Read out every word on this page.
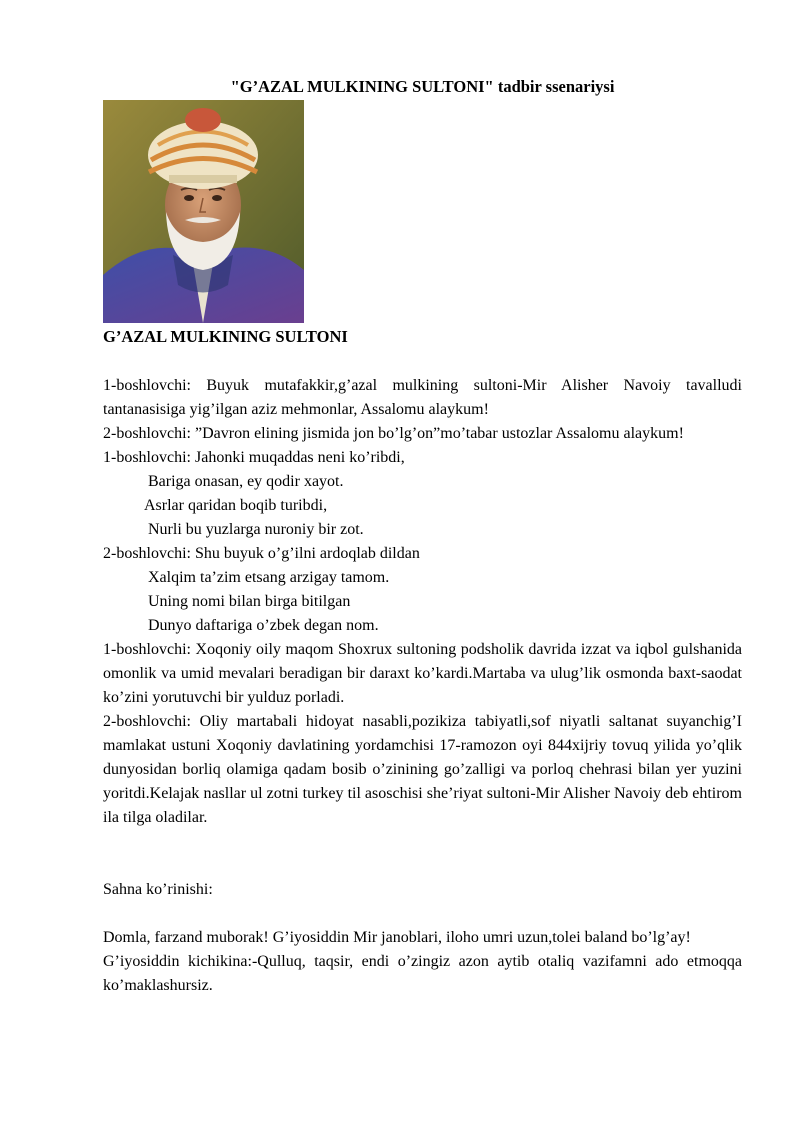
"G’AZAL MULKINING SULTONI" tadbir ssenariysi
G’AZAL MULKINING SULTONI

1-boshlovchi: Buyuk mutafakkir,g’azal mulkining sultoni-Mir Alisher Navoiy tavalludi tantanasisiga yig’ilgan aziz mehmonlar, Assalomu alaykum!

2-boshlovchi: ”Davron elining jismida jon bo’lg’on”mo’tabar ustozlar Assalomu alaykum!

1-boshlovchi: Jahonki muqaddas neni ko’ribdi,

Bariga onasan, ey qodir xayot.

Asrlar qaridan boqib turibdi,

Nurli bu yuzlarga nuroniy bir zot.

2-boshlovchi: Shu buyuk o’g’ilni ardoqlab dildan

Xalqim ta’zim etsang arzigay tamom.

Uning nomi bilan birga bitilgan

Dunyo daftariga o’zbek degan nom.

1-boshlovchi: Xoqoniy oily maqom Shoxrux sultoning podsholik davrida izzat va iqbol gulshanida omonlik va umid mevalari beradigan bir daraxt ko’kardi.Martaba va ulug’lik osmonda baxt-saodat ko’zini yorutuvchi bir yulduz porladi.

2-boshlovchi: Oliy martabali hidoyat nasabli,pozikiza tabiyatli,sof niyatli saltanat suyanchig’I mamlakat ustuni Xoqoniy davlatining yordamchisi 17-ramozon oyi 844xijriy tovuq yilida yo’qlik dunyosidan borliq olamiga qadam bosib o’zinining go’zalligi va porloq chehrasi bilan yer yuzini yoritdi.Kelajak nasllar ul zotni turkey til asoschisi she’riyat sultoni-Mir Alisher Navoiy deb ehtirom ila tilga oladilar.

Sahna ko’rinishi:

Domla, farzand muborak! G’iyosiddin Mir janoblari, iloho umri uzun,tolei baland bo’lg’ay!

G’iyosiddin kichikina:-Qulluq, taqsir, endi o’zingiz azon aytib otaliq vazifamni ado etmoqqa ko’maklashursiz.
